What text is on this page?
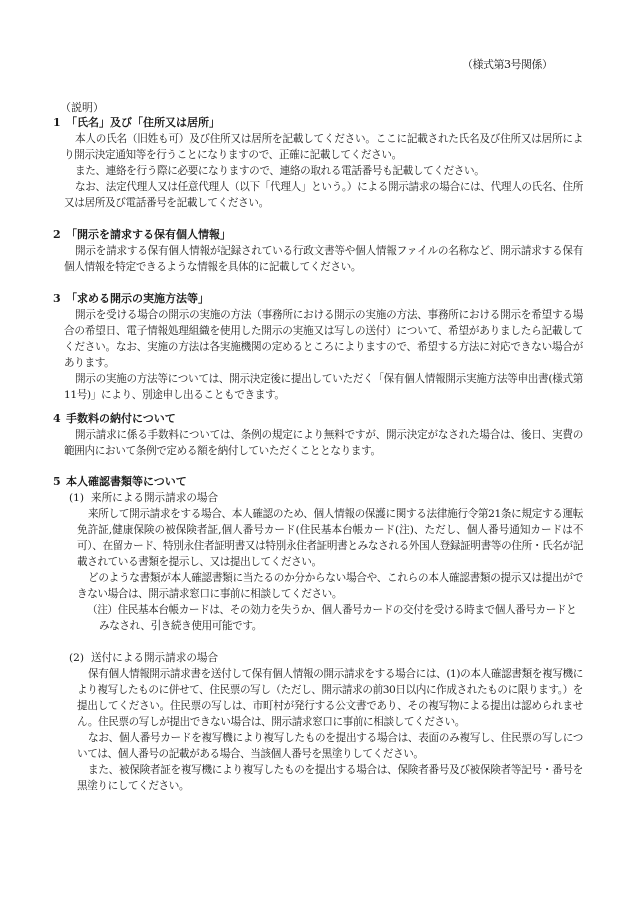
（様式第3号関係）
（説明）
1 「氏名」及び「住所又は居所」

本人の氏名（旧姓も可）及び住所又は居所を記載してください。ここに記載された氏名及び住所又は居所により開示決定通知等を行うことになりますので、正確に記載してください。

また、連絡を行う際に必要になりますので、連絡の取れる電話番号も記載してください。

なお、法定代理人又は任意代理人（以下「代理人」という。）による開示請求の場合には、代理人の氏名、住所又は居所及び電話番号を記載してください。

2 「開示を請求する保有個人情報」

開示を請求する保有個人情報が記録されている行政文書等や個人情報ファイルの名称など、開示請求する保有個人情報を特定できるような情報を具体的に記載してください。

3 「求める開示の実施方法等」

開示を受ける場合の開示の実施の方法（事務所における開示の実施の方法、事務所における開示を希望する場合の希望日、電子情報処理組織を使用した開示の実施又は写しの送付）について、希望がありましたら記載してください。なお、実施の方法は各実施機関の定めるところによりますので、希望する方法に対応できない場合があります。

開示の実施の方法等については、開示決定後に提出していただく「保有個人情報開示実施方法等申出書(様式第11号)」により、別途申し出ることもできます。

4 手数料の納付について

開示請求に係る手数料については、条例の規定により無料ですが、開示決定がなされた場合は、後日、実費の範囲内において条例で定める額を納付していただくこととなります。

5 本人確認書類等について
(1) 来所による開示請求の場合

来所して開示請求をする場合、本人確認のため、個人情報の保護に関する法律施行令第21条に規定する運転免許証,健康保険の被保険者証,個人番号カード(住民基本台帳カード(注)、ただし、個人番号通知カードは不可）、在留カード、特別永住者証明書又は特別永住者証明書とみなされる外国人登録証明書等の住所・氏名が記載されている書類を提示し、又は提出してください。

どのような書類が本人確認書類に当たるのか分からない場合や、これらの本人確認書類の提示又は提出ができない場合は、開示請求窓口に事前に相談してください。

（注）住民基本台帳カードは、その効力を失うか、個人番号カードの交付を受ける時まで個人番号カードとみなされ、引き続き使用可能です。

(2) 送付による開示請求の場合

保有個人情報開示請求書を送付して保有個人情報の開示請求をする場合には、(1)の本人確認書類を複写機により複写したものに併せて、住民票の写し（ただし、開示請求の前30日以内に作成されたものに限ります。）を提出してください。住民票の写しは、市町村が発行する公文書であり、その複写物による提出は認められません。住民票の写しが提出できない場合は、開示請求窓口に事前に相談してください。

なお、個人番号カードを複写機により複写したものを提出する場合は、表面のみ複写し、住民票の写しについては、個人番号の記載がある場合、当該個人番号を黒塗りしてください。

また、被保険者証を複写機により複写したものを提出する場合は、保険者番号及び被保険者等記号・番号を黒塗りにしてください。
